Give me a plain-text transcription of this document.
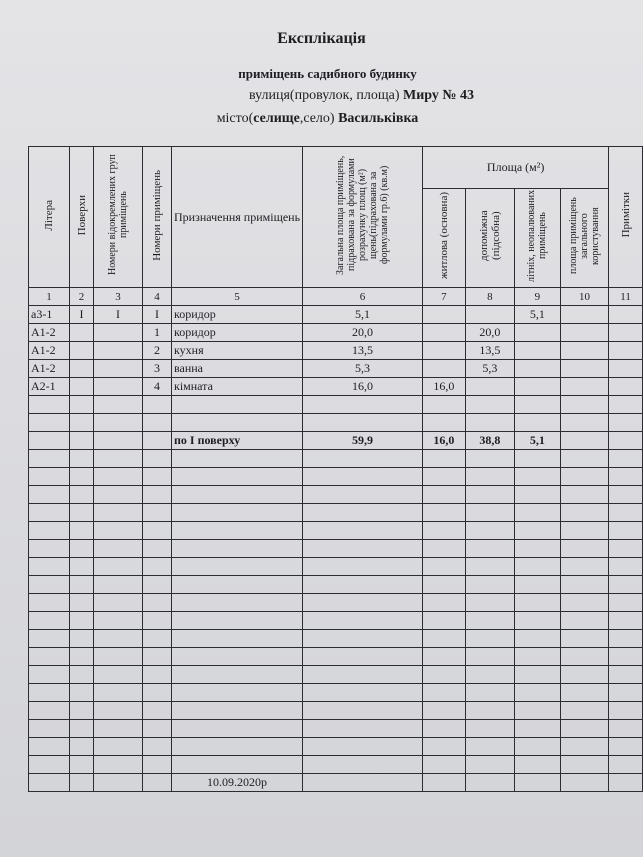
Експлікація
приміщень садибного будинку
вулиця(провулок, площа) Миру № 43
місто(селище,село) Васильківка
Літера	Поверхи	Номери відокремлених груп приміщень	Номери приміщень	Призначення приміщень	Загальна площа приміщень, підрахована за формулами розрахунку площ (м²) щень(підрахована за формулами гр.6) (кв.м)	Площа (м²)				Примітки
						житлова (основна)	допоміжна (підсобна)	літніх, неопалюваних приміщень	площа приміщень загального користування	
1	2	3	4	5	6	7	8	9	10	11
а3-1	I	I	I	коридор	5,1			5,1		
А1-2			1	коридор	20,0		20,0			
А1-2			2	кухня	13,5		13,5			
А1-2			3	ванна	5,3		5,3			
А2-1			4	кімната	16,0	16,0				

				по I поверху	59,9	16,0	38,8	5,1		

				10.09.2020р						
